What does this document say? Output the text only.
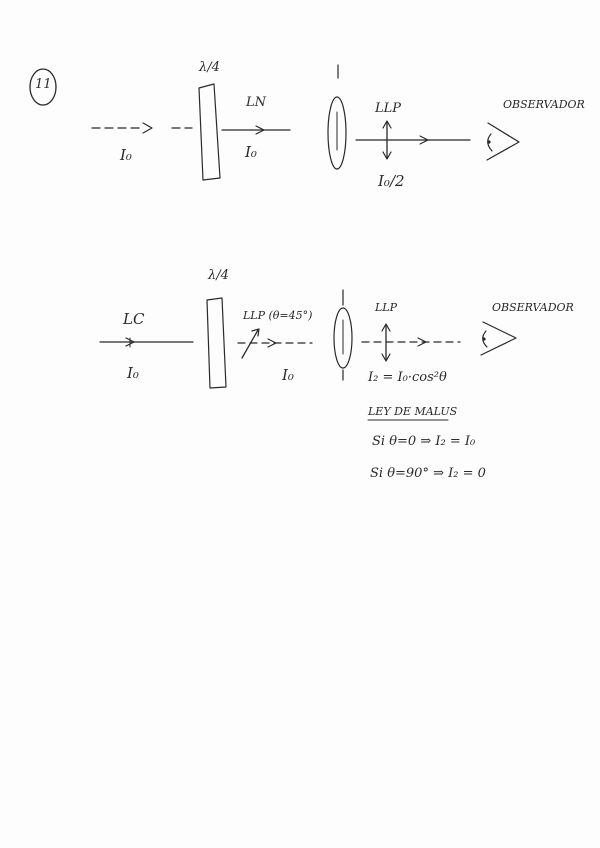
11
λ/4
I₀
LN
I₀
LLP
I₀/2
OBSERVADOR
LC
I₀
λ/4
LLP (θ=45°)
I₀
LLP	OBSERVADOR
I₂ = I₀·cos²θ
LEY DE MALUS
Si θ=0 ⇒ I₂ = I₀
Si θ=90° ⇒ I₂ = 0
